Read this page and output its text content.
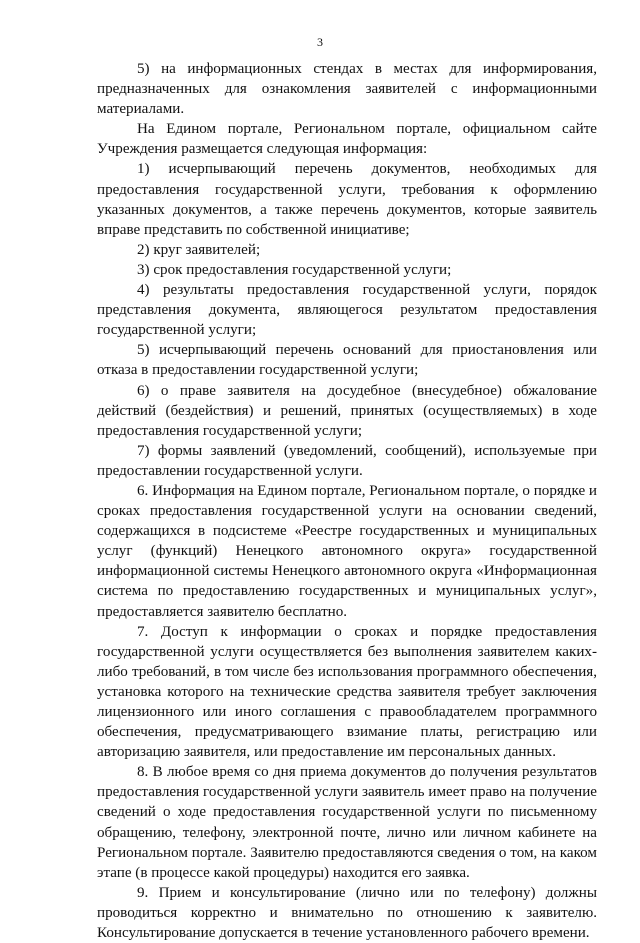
3

5) на информационных стендах в местах для информирования, предназначенных для ознакомления заявителей с информационными материалами.

На Едином портале, Региональном портале, официальном сайте Учреждения размещается следующая информация:

1) исчерпывающий перечень документов, необходимых для предоставления государственной услуги, требования к оформлению указанных документов, а также перечень документов, которые заявитель вправе представить по собственной инициативе;

2) круг заявителей;

3) срок предоставления государственной услуги;

4) результаты предоставления государственной услуги, порядок представления документа, являющегося результатом предоставления государственной услуги;

5) исчерпывающий перечень оснований для приостановления или отказа в предоставлении государственной услуги;

6) о праве заявителя на досудебное (внесудебное) обжалование действий (бездействия) и решений, принятых (осуществляемых) в ходе предоставления государственной услуги;

7) формы заявлений (уведомлений, сообщений), используемые при предоставлении государственной услуги.

6. Информация на Едином портале, Региональном портале, о порядке и сроках предоставления государственной услуги на основании сведений, содержащихся в подсистеме «Реестре государственных и муниципальных услуг (функций) Ненецкого автономного округа» государственной информационной системы Ненецкого автономного округа «Информационная система по предоставлению государственных и муниципальных услуг», предоставляется заявителю бесплатно.

7. Доступ к информации о сроках и порядке предоставления государственной услуги осуществляется без выполнения заявителем каких-либо требований, в том числе без использования программного обеспечения, установка которого на технические средства заявителя требует заключения лицензионного или иного соглашения с правообладателем программного обеспечения, предусматривающего взимание платы, регистрацию или авторизацию заявителя, или предоставление им персональных данных.

8. В любое время со дня приема документов до получения результатов предоставления государственной услуги заявитель имеет право на получение сведений о ходе предоставления государственной услуги по письменному обращению, телефону, электронной почте, лично или личном кабинете на Региональном портале. Заявителю предоставляются сведения о том, на каком этапе (в процессе какой процедуры) находится его заявка.

9. Прием и консультирование (лично или по телефону) должны проводиться корректно и внимательно по отношению к заявителю. Консультирование допускается в течение установленного рабочего времени.
